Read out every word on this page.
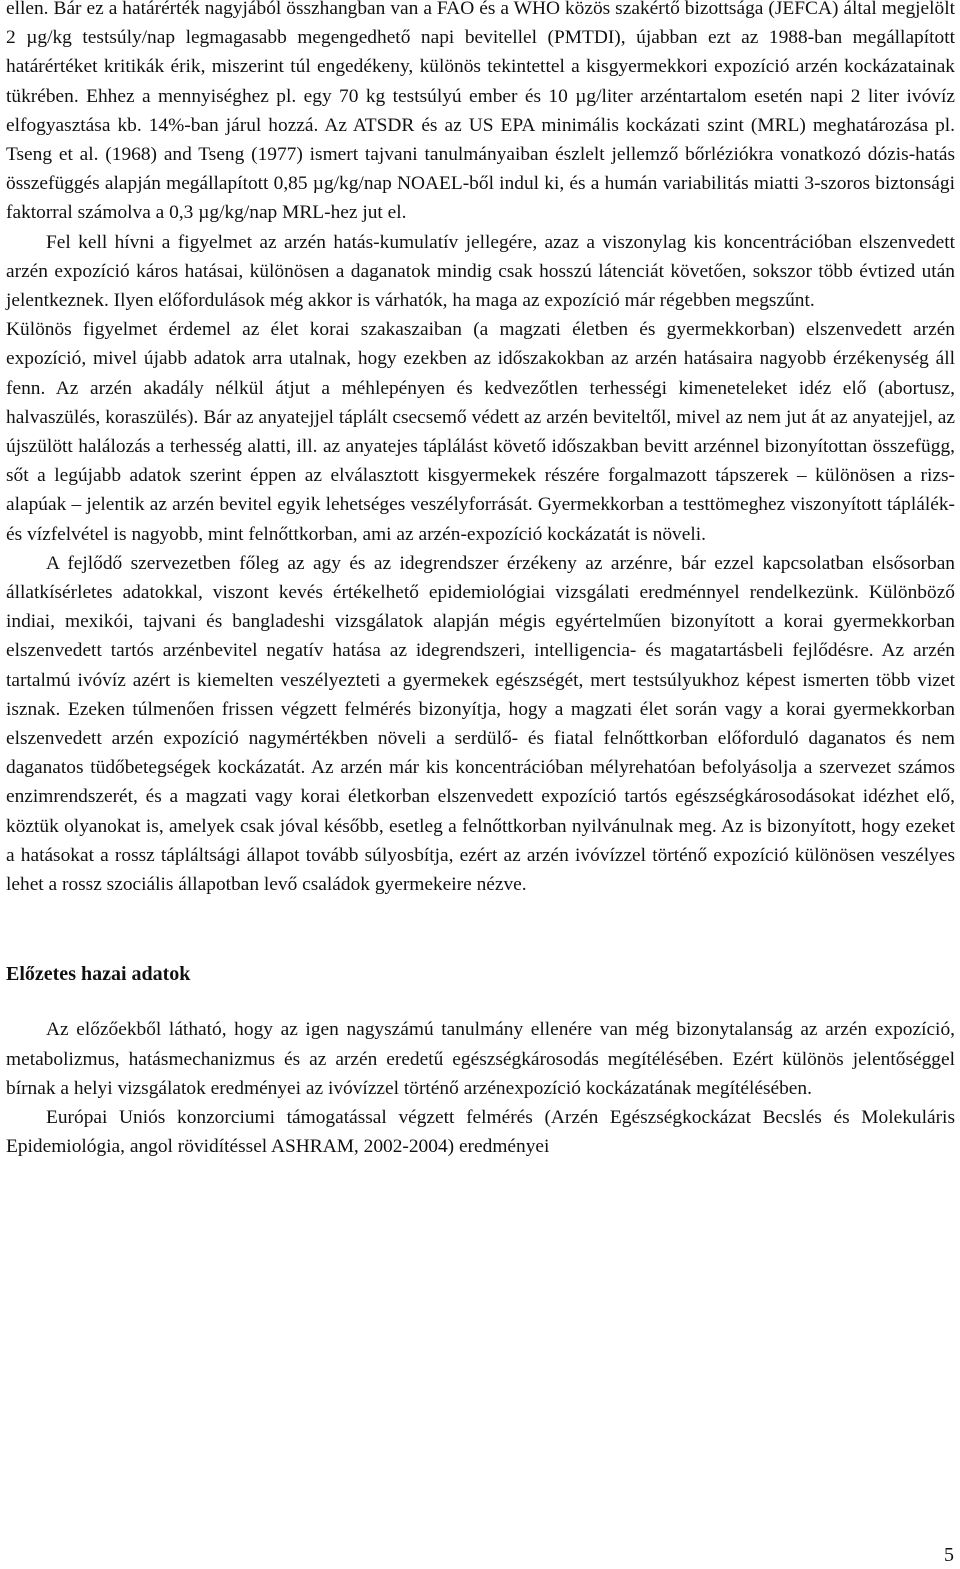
ellen. Bár ez a határérték nagyjából összhangban van a FAO és a WHO közös szakértő bizottsága (JEFCA) által megjelölt 2 µg/kg testsúly/nap legmagasabb megengedhető napi bevitellel (PMTDI), újabban ezt az 1988-ban megállapított határértéket kritikák érik, miszerint túl engedékeny, különös tekintettel a kisgyermekkori expozíció arzén kockázatainak tükrében. Ehhez a mennyiséghez pl. egy 70 kg testsúlyú ember és 10 µg/liter arzéntartalom esetén napi 2 liter ivóvíz elfogyasztása kb. 14%-ban járul hozzá. Az ATSDR és az US EPA minimális kockázati szint (MRL) meghatározása pl. Tseng et al. (1968) and Tseng (1977) ismert tajvani tanulmányaiban észlelt jellemző bőrléziókra vonatkozó dózis-hatás összefüggés alapján megállapított 0,85 µg/kg/nap NOAEL-ből indul ki, és a humán variabilitás miatti 3-szoros biztonsági faktorral számolva a 0,3 µg/kg/nap MRL-hez jut el.

Fel kell hívni a figyelmet az arzén hatás-kumulatív jellegére, azaz a viszonylag kis koncentrációban elszenvedett arzén expozíció káros hatásai, különösen a daganatok mindig csak hosszú látenciát követően, sokszor több évtized után jelentkeznek. Ilyen előfordulások még akkor is várhatók, ha maga az expozíció már régebben megszűnt.

Különös figyelmet érdemel az élet korai szakaszaiban (a magzati életben és gyermekkorban) elszenvedett arzén expozíció, mivel újabb adatok arra utalnak, hogy ezekben az időszakokban az arzén hatásaira nagyobb érzékenység áll fenn. Az arzén akadály nélkül átjut a méhlepényen és kedvezőtlen terhességi kimeneteleket idéz elő (abortusz, halvaszülés, koraszülés). Bár az anyatejjel táplált csecsemő védett az arzén beviteltől, mivel az nem jut át az anyatejjel, az újszülött halálozás a terhesség alatti, ill. az anyatejes táplálást követő időszakban bevitt arzénnel bizonyítottan összefügg, sőt a legújabb adatok szerint éppen az elválasztott kisgyermekek részére forgalmazott tápszerek – különösen a rizs-alapúak – jelentik az arzén bevitel egyik lehetséges veszélyforrását. Gyermekkorban a testtömeghez viszonyított táplálék- és vízfelvétel is nagyobb, mint felnőttkorban, ami az arzén-expozíció kockázatát is növeli.

A fejlődő szervezetben főleg az agy és az idegrendszer érzékeny az arzénre, bár ezzel kapcsolatban elsősorban állatkísérletes adatokkal, viszont kevés értékelhető epidemiológiai vizsgálati eredménnyel rendelkezünk. Különböző indiai, mexikói, tajvani és bangladeshi vizsgálatok alapján mégis egyértelműen bizonyított a korai gyermekkorban elszenvedett tartós arzénbevitel negatív hatása az idegrendszeri, intelligencia- és magatartásbeli fejlődésre. Az arzén tartalmú ivóvíz azért is kiemelten veszélyezteti a gyermekek egészségét, mert testsúlyukhoz képest ismerten több vizet isznak. Ezeken túlmenően frissen végzett felmérés bizonyítja, hogy a magzati élet során vagy a korai gyermekkorban elszenvedett arzén expozíció nagymértékben növeli a serdülő- és fiatal felnőttkorban előforduló daganatos és nem daganatos tüdőbetegségek kockázatát. Az arzén már kis koncentrációban mélyrehatóan befolyásolja a szervezet számos enzimrendszerét, és a magzati vagy korai életkorban elszenvedett expozíció tartós egészségkárosodásokat idézhet elő, köztük olyanokat is, amelyek csak jóval később, esetleg a felnőttkorban nyilvánulnak meg. Az is bizonyított, hogy ezeket a hatásokat a rossz tápláltsági állapot tovább súlyosbítja, ezért az arzén ivóvízzel történő expozíció különösen veszélyes lehet a rossz szociális állapotban levő családok gyermekeire nézve.

Előzetes hazai adatok

Az előzőekből látható, hogy az igen nagyszámú tanulmány ellenére van még bizonytalanság az arzén expozíció, metabolizmus, hatásmechanizmus és az arzén eredetű egészségkárosodás megítélésében. Ezért különös jelentőséggel bírnak a helyi vizsgálatok eredményei az ivóvízzel történő arzénexpozíció kockázatának megítélésében.

Európai Uniós konzorciumi támogatással végzett felmérés (Arzén Egészségkockázat Becslés és Molekuláris Epidemiológia, angol rövidítéssel ASHRAM, 2002-2004) eredményei

5
